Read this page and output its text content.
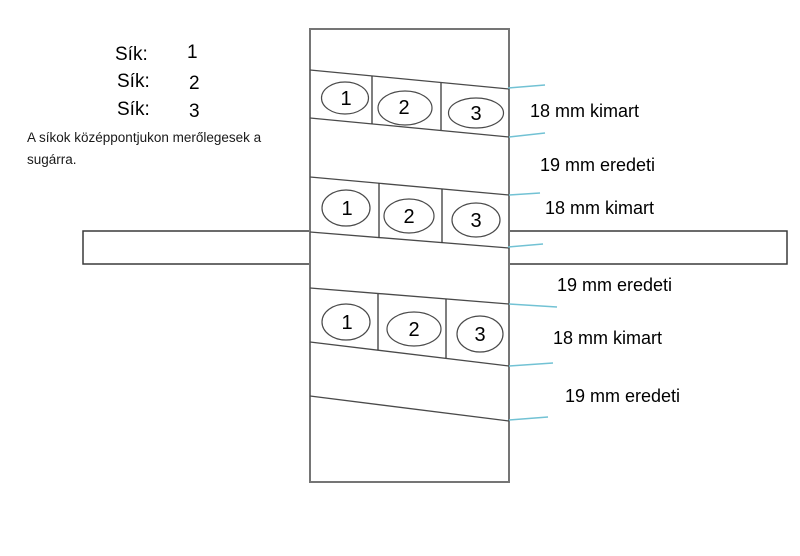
Sík: 1
Sík: 2
Sík: 3
A síkok középpontjukon merőlegesek a
sugárra.
1 2	3
1	2	3
1	2	3
18 mm kimart
19 mm eredeti
18 mm kimart
19 mm eredeti
18 mm kimart
19 mm eredeti
